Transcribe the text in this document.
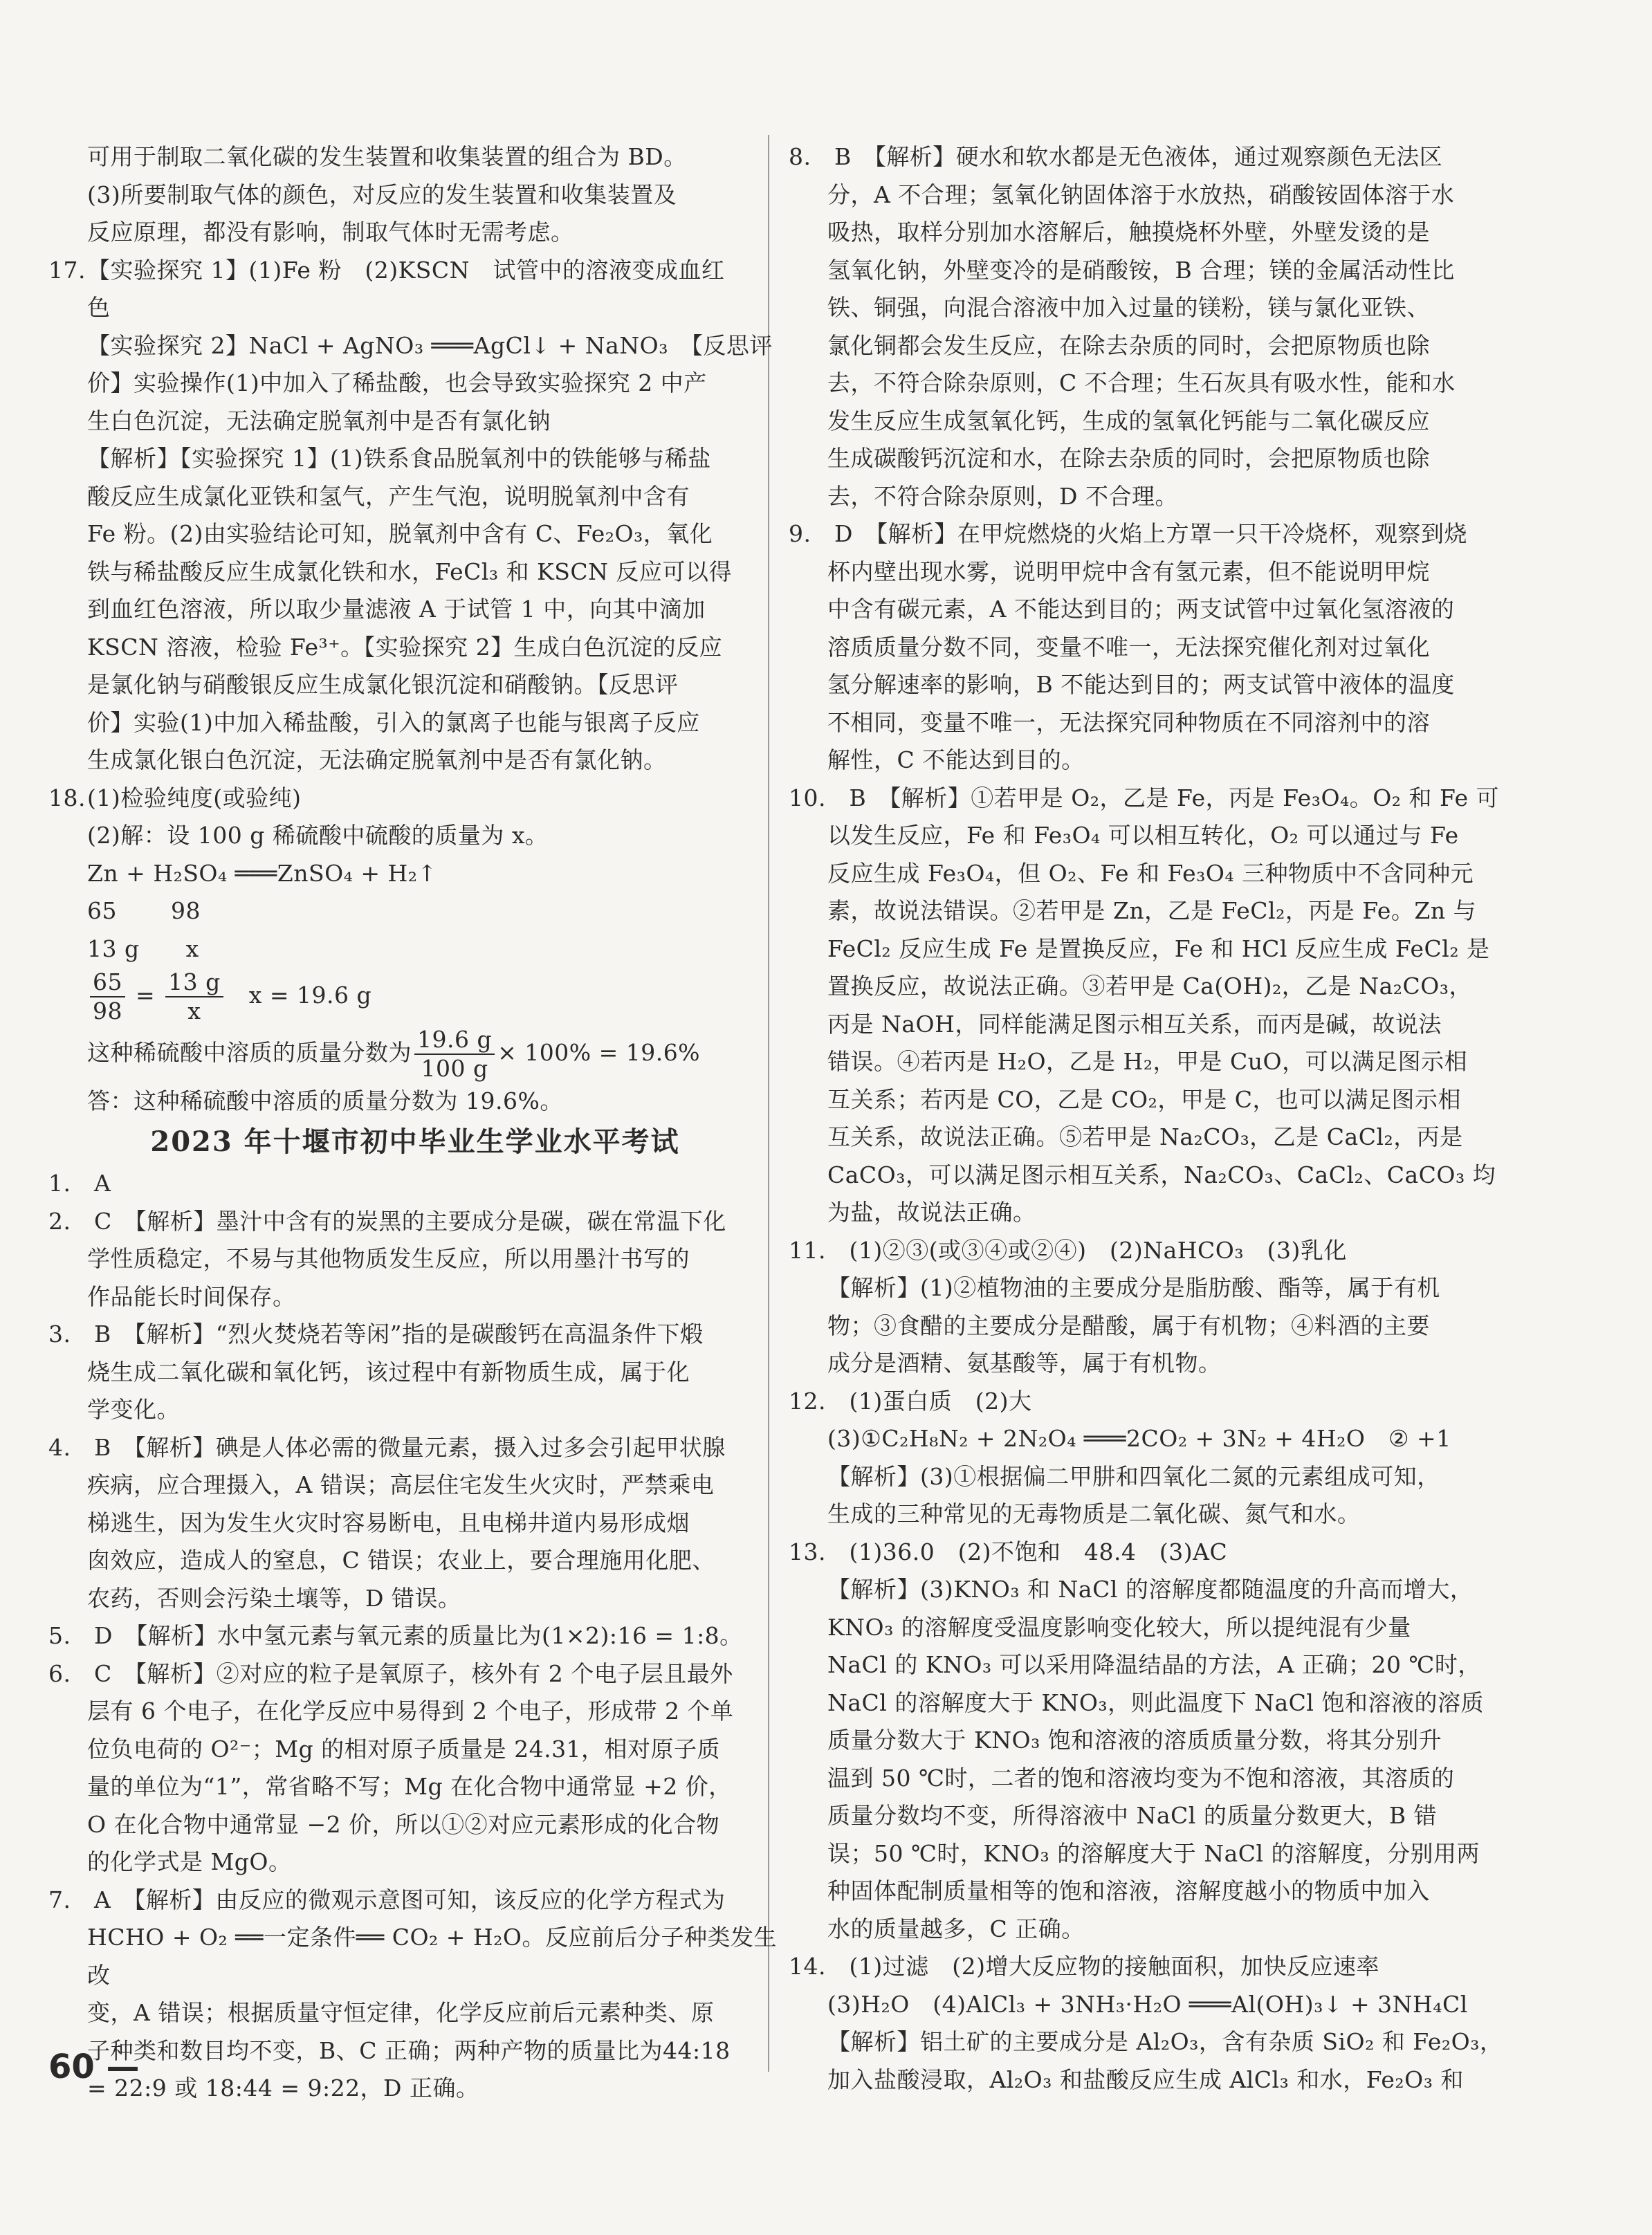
可用于制取二氧化碳的发生装置和收集装置的组合为 BD。

(3)所要制取气体的颜色，对反应的发生装置和收集装置及

反应原理，都没有影响，制取气体时无需考虑。

17.【实验探究 1】(1)Fe 粉　(2)KSCN　试管中的溶液变成血红

色

【实验探究 2】NaCl + AgNO₃ ═══AgCl↓ + NaNO₃　【反思评

价】实验操作(1)中加入了稀盐酸，也会导致实验探究 2 中产

生白色沉淀，无法确定脱氧剂中是否有氯化钠

【解析】【实验探究 1】(1)铁系食品脱氧剂中的铁能够与稀盐

酸反应生成氯化亚铁和氢气，产生气泡，说明脱氧剂中含有

Fe 粉。(2)由实验结论可知，脱氧剂中含有 C、Fe₂O₃，氧化

铁与稀盐酸反应生成氯化铁和水，FeCl₃ 和 KSCN 反应可以得

到血红色溶液，所以取少量滤液 A 于试管 1 中，向其中滴加

KSCN 溶液，检验 Fe³⁺。【实验探究 2】生成白色沉淀的反应

是氯化钠与硝酸银反应生成氯化银沉淀和硝酸钠。【反思评

价】实验(1)中加入稀盐酸，引入的氯离子也能与银离子反应

生成氯化银白色沉淀，无法确定脱氧剂中是否有氯化钠。

18.(1)检验纯度(或验纯)

(2)解：设 100 g 稀硫酸中硫酸的质量为 x。

Zn + H₂SO₄ ═══ZnSO₄ + H₂↑

65　　 98

13 g　　x

$\frac{65}{98} = \frac{13 g}{x}$ x = 19.6 g

这种稀硫酸中溶质的质量分数为 $\frac{19.6 g}{100 g} \times 100\% = 19.6\%$

答：这种稀硫酸中溶质的质量分数为 19.6%。

2023 年十堰市初中毕业生学业水平考试

1.　A

2.　C　【解析】墨汁中含有的炭黑的主要成分是碳，碳在常温下化

学性质稳定，不易与其他物质发生反应，所以用墨汁书写的

作品能长时间保存。

3.　B　【解析】“烈火焚烧若等闲”指的是碳酸钙在高温条件下煅

烧生成二氧化碳和氧化钙，该过程中有新物质生成，属于化

学变化。

4.　B　【解析】碘是人体必需的微量元素，摄入过多会引起甲状腺

疾病，应合理摄入，A 错误；高层住宅发生火灾时，严禁乘电

梯逃生，因为发生火灾时容易断电，且电梯井道内易形成烟

囱效应，造成人的窒息，C 错误；农业上，要合理施用化肥、

农药，否则会污染土壤等，D 错误。

5.　D　【解析】水中氢元素与氧元素的质量比为(1×2):16 = 1:8。

6.　C　【解析】②对应的粒子是氧原子，核外有 2 个电子层且最外

层有 6 个电子，在化学反应中易得到 2 个电子，形成带 2 个单

位负电荷的 O²⁻；Mg 的相对原子质量是 24.31，相对原子质

量的单位为“1”，常省略不写；Mg 在化合物中通常显 +2 价，

O 在化合物中通常显 −2 价，所以①②对应元素形成的化合物

的化学式是 MgO。

7.　A　【解析】由反应的微观示意图可知，该反应的化学方程式为

HCHO + O₂ ══一定条件══ CO₂ + H₂O。反应前后分子种类发生改

变，A 错误；根据质量守恒定律，化学反应前后元素种类、原

子种类和数目均不变，B、C 正确；两种产物的质量比为44:18

= 22:9 或 18:44 = 9:22，D 正确。

8.　B　【解析】硬水和软水都是无色液体，通过观察颜色无法区

分，A 不合理；氢氧化钠固体溶于水放热，硝酸铵固体溶于水

吸热，取样分别加水溶解后，触摸烧杯外壁，外壁发烫的是

氢氧化钠，外壁变冷的是硝酸铵，B 合理；镁的金属活动性比

铁、铜强，向混合溶液中加入过量的镁粉，镁与氯化亚铁、

氯化铜都会发生反应，在除去杂质的同时，会把原物质也除

去，不符合除杂原则，C 不合理；生石灰具有吸水性，能和水

发生反应生成氢氧化钙，生成的氢氧化钙能与二氧化碳反应

生成碳酸钙沉淀和水，在除去杂质的同时，会把原物质也除

去，不符合除杂原则，D 不合理。

9.　D　【解析】在甲烷燃烧的火焰上方罩一只干冷烧杯，观察到烧

杯内壁出现水雾，说明甲烷中含有氢元素，但不能说明甲烷

中含有碳元素，A 不能达到目的；两支试管中过氧化氢溶液的

溶质质量分数不同，变量不唯一，无法探究催化剂对过氧化

氢分解速率的影响，B 不能达到目的；两支试管中液体的温度

不相同，变量不唯一，无法探究同种物质在不同溶剂中的溶

解性，C 不能达到目的。

10.　B　【解析】①若甲是 O₂，乙是 Fe，丙是 Fe₃O₄。O₂ 和 Fe 可

以发生反应，Fe 和 Fe₃O₄ 可以相互转化，O₂ 可以通过与 Fe

反应生成 Fe₃O₄，但 O₂、Fe 和 Fe₃O₄ 三种物质中不含同种元

素，故说法错误。②若甲是 Zn，乙是 FeCl₂，丙是 Fe。Zn 与

FeCl₂ 反应生成 Fe 是置换反应，Fe 和 HCl 反应生成 FeCl₂ 是

置换反应，故说法正确。③若甲是 Ca(OH)₂，乙是 Na₂CO₃，

丙是 NaOH，同样能满足图示相互关系，而丙是碱，故说法

错误。④若丙是 H₂O，乙是 H₂，甲是 CuO，可以满足图示相

互关系；若丙是 CO，乙是 CO₂，甲是 C，也可以满足图示相

互关系，故说法正确。⑤若甲是 Na₂CO₃，乙是 CaCl₂，丙是

CaCO₃，可以满足图示相互关系，Na₂CO₃、CaCl₂、CaCO₃ 均

为盐，故说法正确。

11.　(1)②③(或③④或②④)　(2)NaHCO₃　(3)乳化

【解析】(1)②植物油的主要成分是脂肪酸、酯等，属于有机

物；③食醋的主要成分是醋酸，属于有机物；④料酒的主要

成分是酒精、氨基酸等，属于有机物。

12.　(1)蛋白质　(2)大

(3)①C₂H₈N₂ + 2N₂O₄ ═══2CO₂ + 3N₂ + 4H₂O　② +1

【解析】(3)①根据偏二甲肼和四氧化二氮的元素组成可知，

生成的三种常见的无毒物质是二氧化碳、氮气和水。

13.　(1)36.0　(2)不饱和　48.4　(3)AC

【解析】(3)KNO₃ 和 NaCl 的溶解度都随温度的升高而增大，

KNO₃ 的溶解度受温度影响变化较大，所以提纯混有少量

NaCl 的 KNO₃ 可以采用降温结晶的方法，A 正确；20 ℃时，

NaCl 的溶解度大于 KNO₃，则此温度下 NaCl 饱和溶液的溶质

质量分数大于 KNO₃ 饱和溶液的溶质质量分数，将其分别升

温到 50 ℃时，二者的饱和溶液均变为不饱和溶液，其溶质的

质量分数均不变，所得溶液中 NaCl 的质量分数更大，B 错

误；50 ℃时，KNO₃ 的溶解度大于 NaCl 的溶解度，分别用两

种固体配制质量相等的饱和溶液，溶解度越小的物质中加入

水的质量越多，C 正确。

14.　(1)过滤　(2)增大反应物的接触面积，加快反应速率

(3)H₂O　(4)AlCl₃ + 3NH₃·H₂O ═══Al(OH)₃↓ + 3NH₄Cl

【解析】铝土矿的主要成分是 Al₂O₃，含有杂质 SiO₂ 和 Fe₂O₃，

加入盐酸浸取，Al₂O₃ 和盐酸反应生成 AlCl₃ 和水，Fe₂O₃ 和

60 —
